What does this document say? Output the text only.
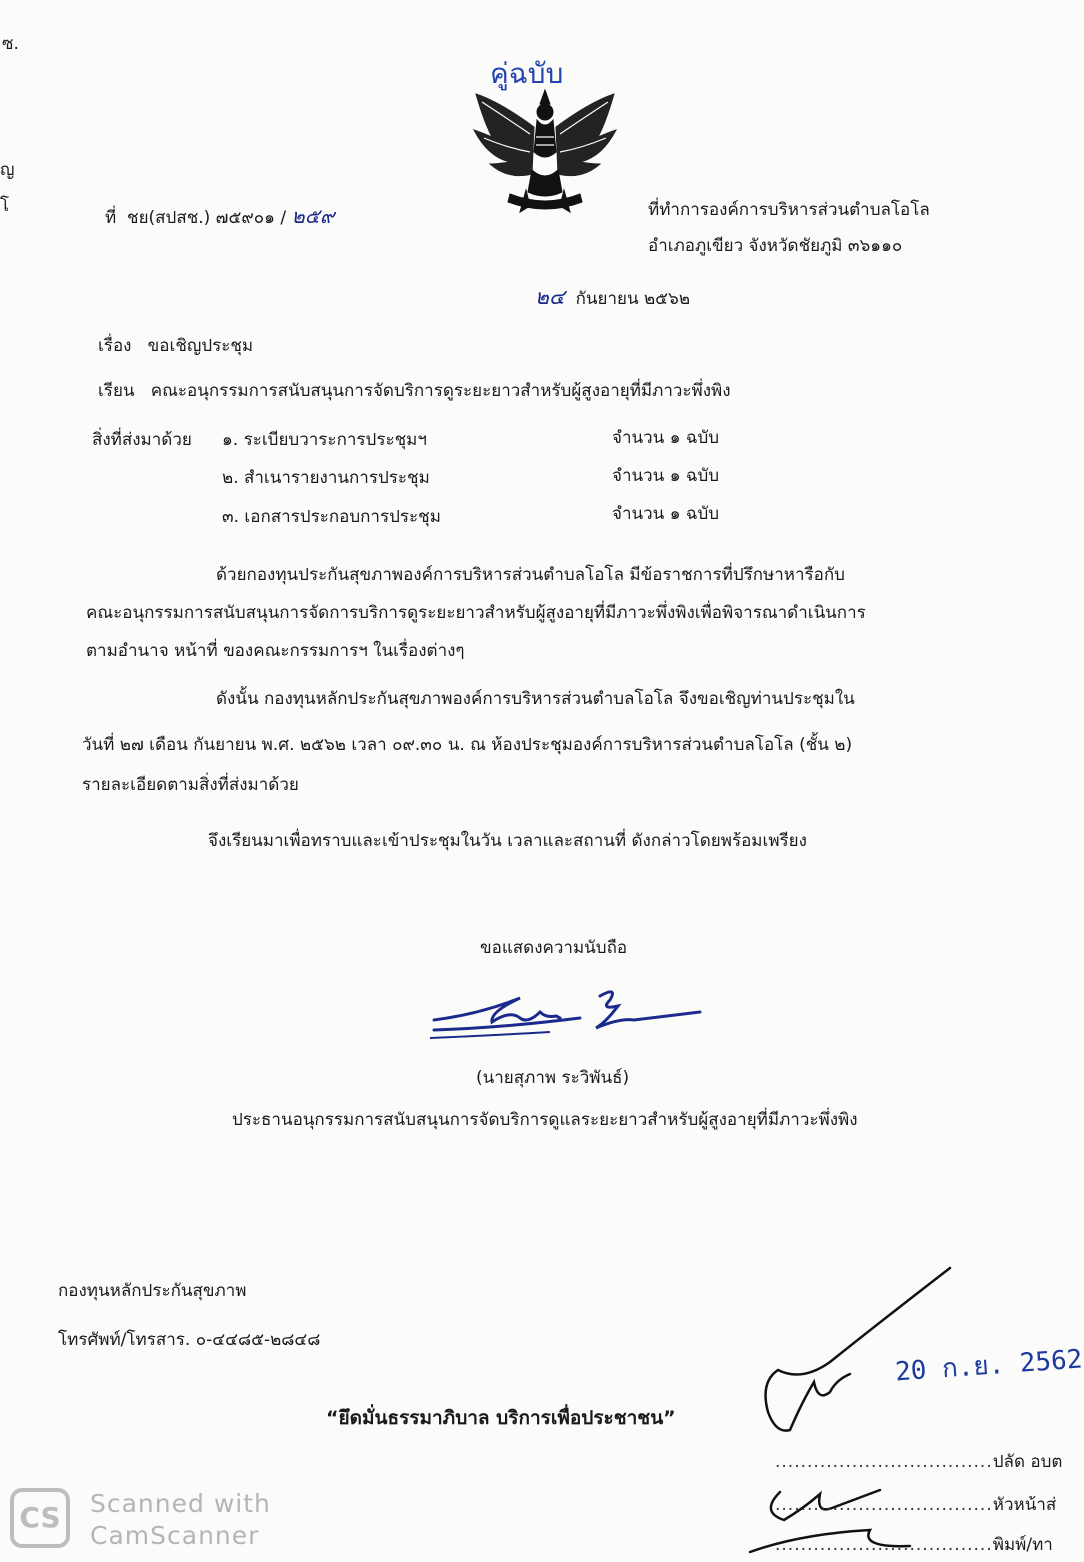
ซ.
ญ
โ
คู่ฉบับ
ที่ ชย(สปสช.) ๗๕๙๐๑ / ๒๕๙	ที่ทำการองค์การบริหารส่วนตำบลโอโล
อำเภอภูเขียว จังหวัดชัยภูมิ ๓๖๑๑๐
๒๔ กันยายน ๒๕๖๒
เรื่อง ขอเชิญประชุม
เรียน คณะอนุกรรมการสนับสนุนการจัดบริการดูระยะยาวสำหรับผู้สูงอายุที่มีภาวะพึ่งพิง
สิ่งที่ส่งมาด้วย ๑. ระเบียบวาระการประชุมฯ	จำนวน ๑ ฉบับ
๒. สำเนารายงานการประชุม	จำนวน ๑ ฉบับ
๓. เอกสารประกอบการประชุม	จำนวน ๑ ฉบับ
ด้วยกองทุนประกันสุขภาพองค์การบริหารส่วนตำบลโอโล มีข้อราชการที่ปรึกษาหารือกับ
คณะอนุกรรมการสนับสนุนการจัดการบริการดูระยะยาวสำหรับผู้สูงอายุที่มีภาวะพึ่งพิงเพื่อพิจารณาดำเนินการ
ตามอำนาจ หน้าที่ ของคณะกรรมการฯ ในเรื่องต่างๆ
ดังนั้น กองทุนหลักประกันสุขภาพองค์การบริหารส่วนตำบลโอโล จึงขอเชิญท่านประชุมใน
วันที่ ๒๗ เดือน กันยายน พ.ศ. ๒๕๖๒ เวลา ๐๙.๓๐ น. ณ ห้องประชุมองค์การบริหารส่วนตำบลโอโล (ชั้น ๒)
รายละเอียดตามสิ่งที่ส่งมาด้วย
จึงเรียนมาเพื่อทราบและเข้าประชุมในวัน เวลาและสถานที่ ดังกล่าวโดยพร้อมเพรียง
ขอแสดงความนับถือ
(นายสุภาพ ระวิพันธ์)
ประธานอนุกรรมการสนับสนุนการจัดบริการดูแลระยะยาวสำหรับผู้สูงอายุที่มีภาวะพึ่งพิง
กองทุนหลักประกันสุขภาพ
โทรศัพท์/โทรสาร. ๐-๔๔๘๕-๒๘๔๘
“ยึดมั่นธรรมาภิบาล บริการเพื่อประชาชน”
20 ก.ย. 2562
..................................ปลัด อบต
..................................หัวหน้าส่
..................................พิมพ์/ทา
CS	Scanned with
CamScanner
